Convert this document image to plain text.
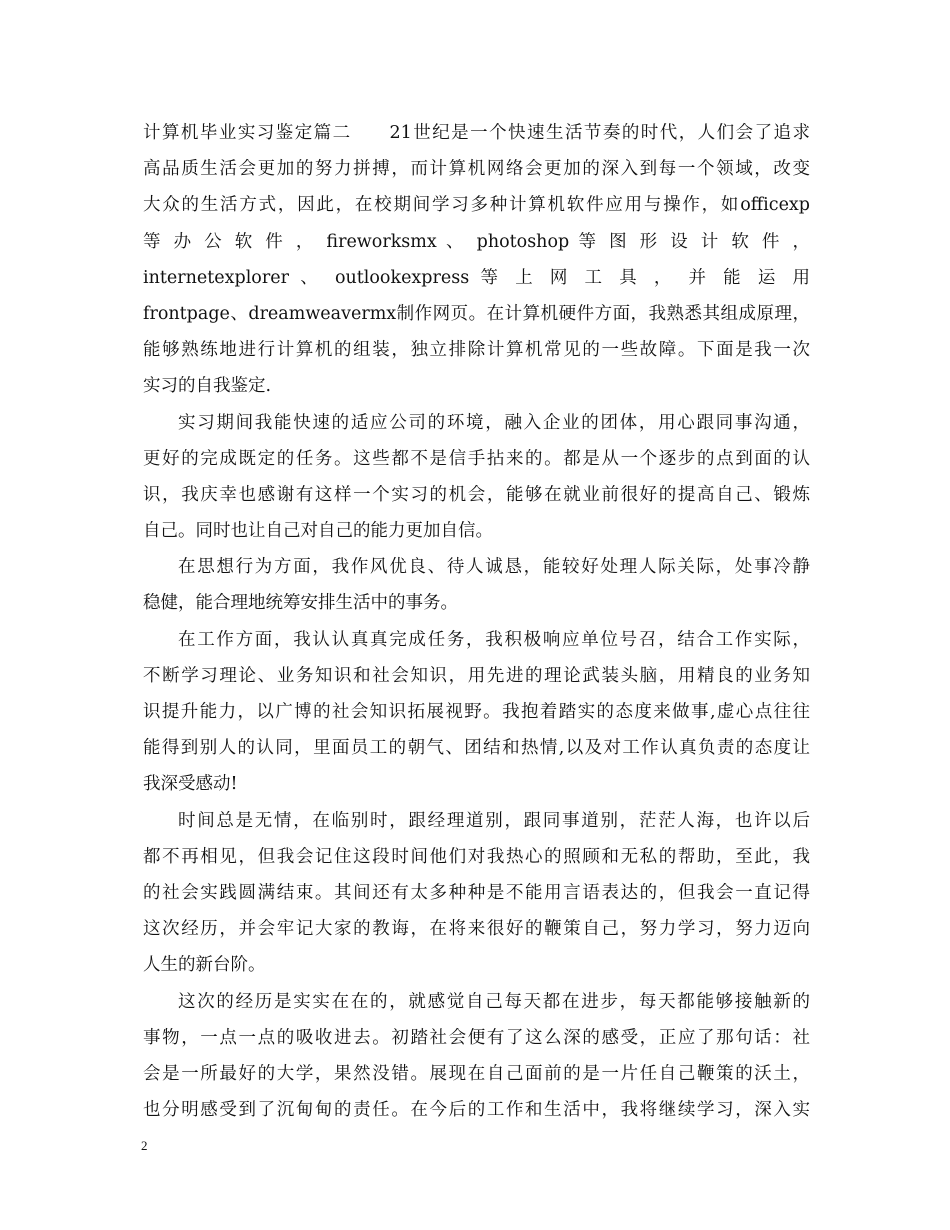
计算机毕业实习鉴定篇二　　21世纪是一个快速生活节奏的时代，人们会了追求
高品质生活会更加的努力拼搏，而计算机网络会更加的深入到每一个领域，改变
大众的生活方式，因此，在校期间学习多种计算机软件应用与操作，如officexp
等 办 公 软 件 ， fireworksmx 、 photoshop 等 图 形 设 计 软 件 ，
internetexplorer 、 outlookexpress 等 上 网 工 具 ， 并 能 运 用
frontpage、dreamweavermx制作网页。在计算机硬件方面，我熟悉其组成原理，
能够熟练地进行计算机的组装，独立排除计算机常见的一些故障。下面是我一次
实习的自我鉴定.
实习期间我能快速的适应公司的环境，融入企业的团体，用心跟同事沟通，
更好的完成既定的任务。这些都不是信手拈来的。都是从一个逐步的点到面的认
识，我庆幸也感谢有这样一个实习的机会，能够在就业前很好的提高自己、锻炼
自己。同时也让自己对自己的能力更加自信。
在思想行为方面，我作风优良、待人诚恳，能较好处理人际关际，处事冷静
稳健，能合理地统筹安排生活中的事务。
在工作方面，我认认真真完成任务，我积极响应单位号召，结合工作实际，
不断学习理论、业务知识和社会知识，用先进的理论武装头脑，用精良的业务知
识提升能力，以广博的社会知识拓展视野。我抱着踏实的态度来做事,虚心点往往
能得到别人的认同，里面员工的朝气、团结和热情,以及对工作认真负责的态度让
我深受感动!
时间总是无情，在临别时，跟经理道别，跟同事道别，茫茫人海，也许以后
都不再相见，但我会记住这段时间他们对我热心的照顾和无私的帮助，至此，我
的社会实践圆满结束。其间还有太多种种是不能用言语表达的，但我会一直记得
这次经历，并会牢记大家的教诲，在将来很好的鞭策自己，努力学习，努力迈向
人生的新台阶。
这次的经历是实实在在的，就感觉自己每天都在进步，每天都能够接触新的
事物，一点一点的吸收进去。初踏社会便有了这么深的感受，正应了那句话：社
会是一所最好的大学，果然没错。展现在自己面前的是一片任自己鞭策的沃土，
也分明感受到了沉甸甸的责任。在今后的工作和生活中，我将继续学习，深入实
2
